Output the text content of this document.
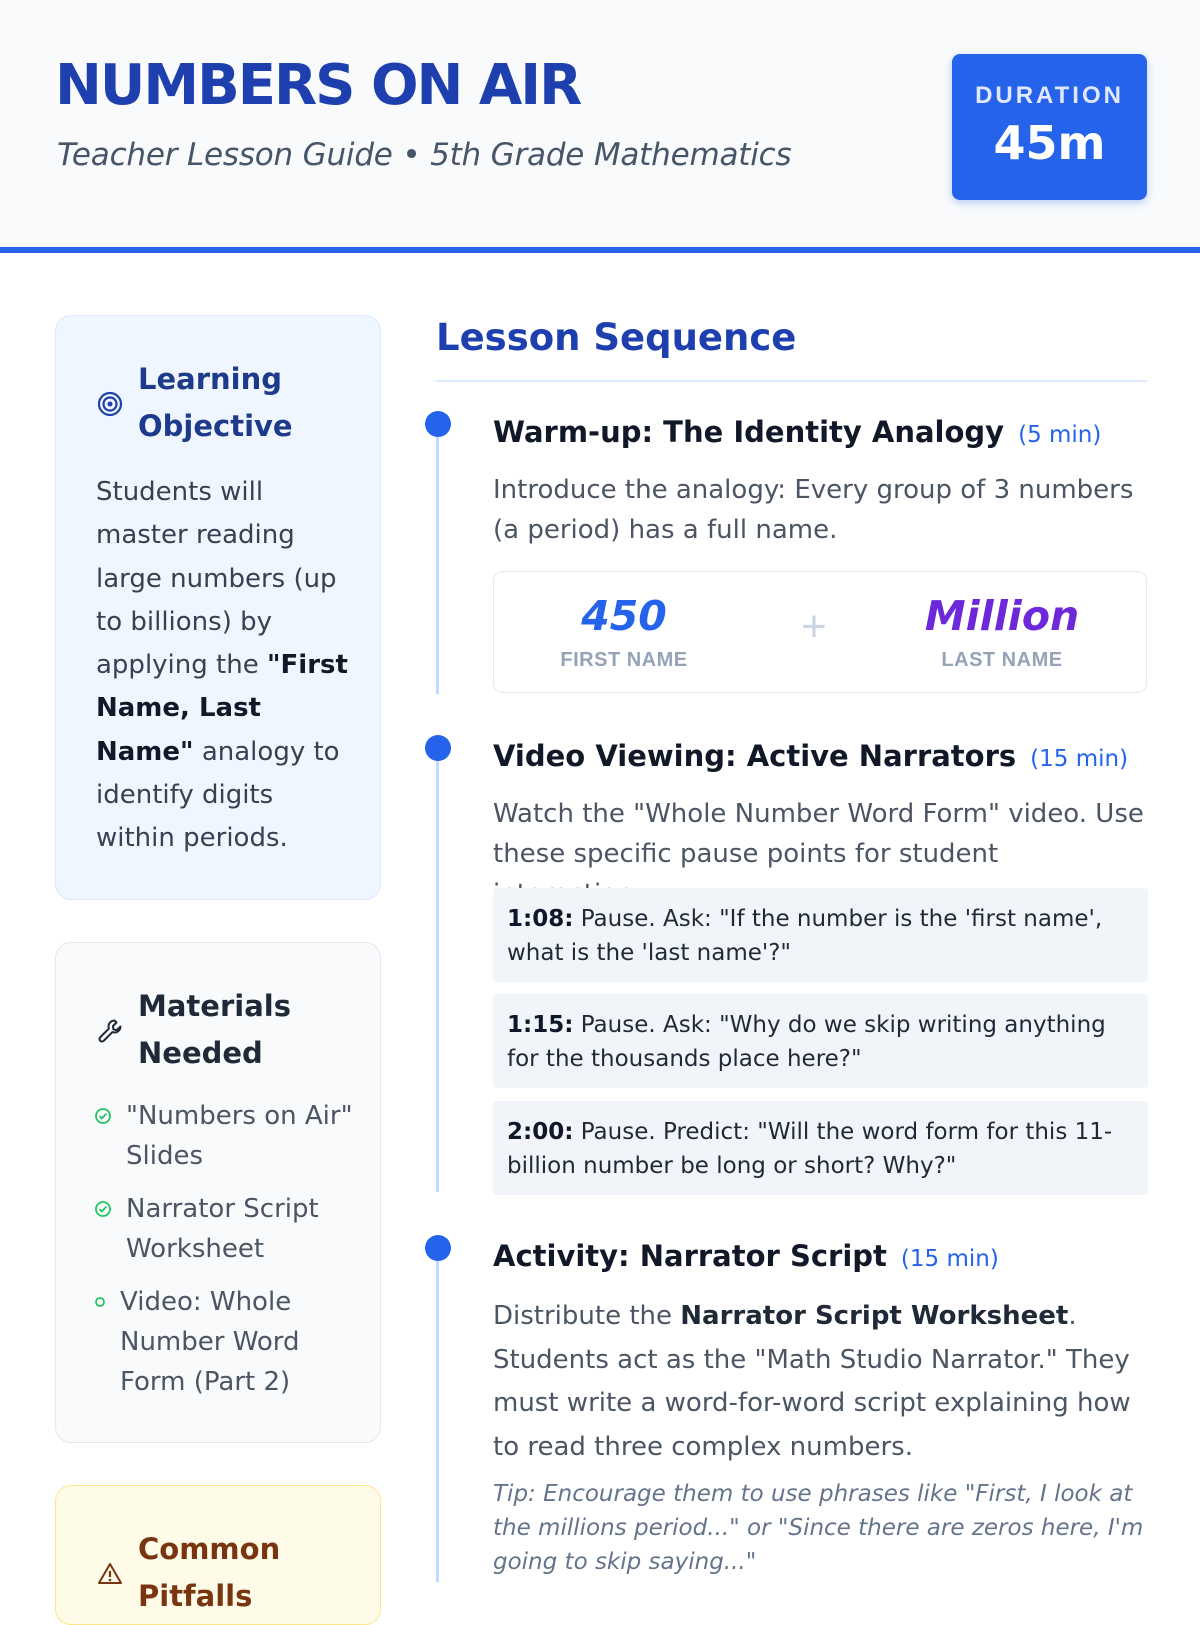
NUMBERS ON AIR
Teacher Lesson Guide • 5th Grade Mathematics
DURATION
45m
Learning Objective
Students will master reading large numbers (up to billions) by applying the "First Name, Last Name" analogy to identify digits within periods.
Materials Needed
"Numbers on Air" Slides
Narrator Script Worksheet
Video: Whole Number Word Form (Part 2)
Common Pitfalls
Lesson Sequence
Warm-up: The Identity Analogy (5 min)
Introduce the analogy: Every group of 3 numbers (a period) has a full name.
450
FIRST NAME
+	Million
LAST NAME
Video Viewing: Active Narrators (15 min)
Watch the "Whole Number Word Form" video. Use these specific pause points for student
1:08: Pause. Ask: "If the number is the 'first name', what is the 'last name'?"
1:15: Pause. Ask: "Why do we skip writing anything for the thousands place here?"
2:00: Pause. Predict: "Will the word form for this 11-billion number be long or short? Why?"
Activity: Narrator Script (15 min)
Distribute the Narrator Script Worksheet. Students act as the "Math Studio Narrator." They must write a word-for-word script explaining how to read three complex numbers.
Tip: Encourage them to use phrases like "First, I look at the millions period..." or "Since there are zeros here, I'm going to skip saying..."
